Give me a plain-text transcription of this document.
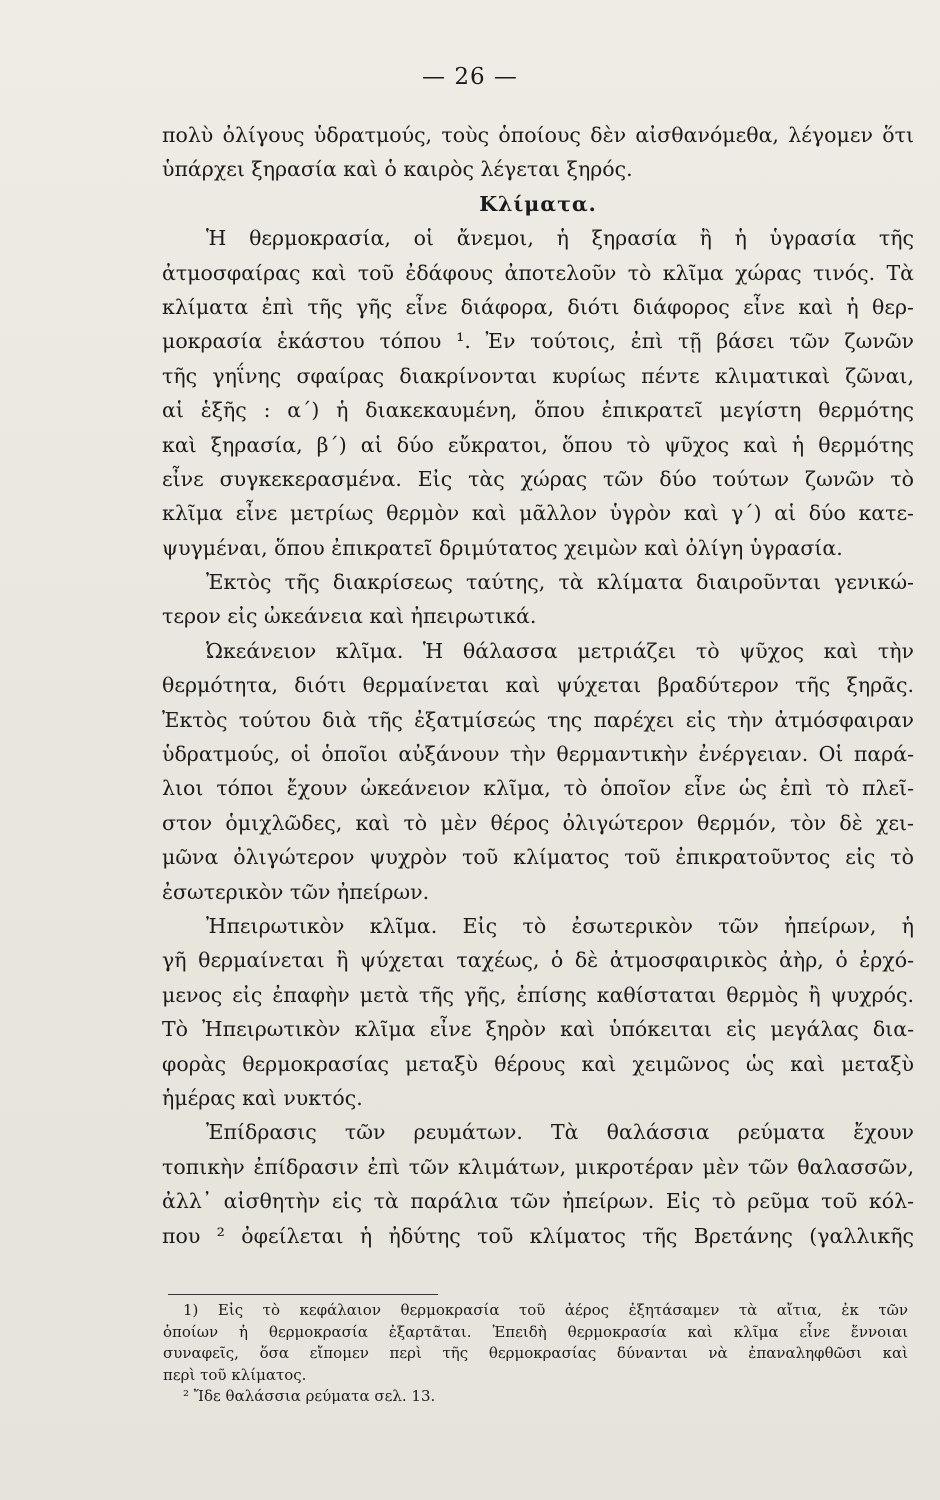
— 26 —
πολὺ ὀλίγους ὑδρατμούς, τοὺς ὁποίους δὲν αἰσθανόμεθα, λέγομεν ὅτι
ὑπάρχει ξηρασία καὶ ὁ καιρὸς λέγεται ξηρός.
Κλίματα.
Ἡ θερμοκρασία, οἱ ἄνεμοι, ἡ ξηρασία ἢ ἡ ὑγρασία τῆς
ἀτμοσφαίρας καὶ τοῦ ἐδάφους ἀποτελοῦν τὸ κλῖμα χώρας τινός. Τὰ
κλίματα ἐπὶ τῆς γῆς εἶνε διάφορα, διότι διάφορος εἶνε καὶ ἡ θερ-
μοκρασία ἑκάστου τόπου ¹. Ἐν τούτοις, ἐπὶ τῇ βάσει τῶν ζωνῶν
τῆς γηΐνης σφαίρας διακρίνονται κυρίως πέντε κλιματικαὶ ζῶναι,
αἱ ἑξῆς : α΄) ἡ διακεκαυμένη, ὅπου ἐπικρατεῖ μεγίστη θερμότης
καὶ ξηρασία, β΄) αἱ δύο εὔκρατοι, ὅπου τὸ ψῦχος καὶ ἡ θερμότης
εἶνε συγκεκερασμένα. Εἰς τὰς χώρας τῶν δύο τούτων ζωνῶν τὸ
κλῖμα εἶνε μετρίως θερμὸν καὶ μᾶλλον ὑγρὸν καὶ γ΄) αἱ δύο κατε-
ψυγμέναι, ὅπου ἐπικρατεῖ δριμύτατος χειμὼν καὶ ὀλίγη ὑγρασία.
Ἐκτὸς τῆς διακρίσεως ταύτης, τὰ κλίματα διαιροῦνται γενικώ-
τερον εἰς ὠκεάνεια καὶ ἠπειρωτικά.
Ὠκεάνειον κλῖμα. Ἡ θάλασσα μετριάζει τὸ ψῦχος καὶ τὴν
θερμότητα, διότι θερμαίνεται καὶ ψύχεται βραδύτερον τῆς ξηρᾶς.
Ἐκτὸς τούτου διὰ τῆς ἐξατμίσεώς της παρέχει εἰς τὴν ἀτμόσφαιραν
ὑδρατμούς, οἱ ὁποῖοι αὐξάνουν τὴν θερμαντικὴν ἐνέργειαν. Οἱ παρά-
λιοι τόποι ἔχουν ὠκεάνειον κλῖμα, τὸ ὁποῖον εἶνε ὡς ἐπὶ τὸ πλεῖ-
στον ὁμιχλῶδες, καὶ τὸ μὲν θέρος ὀλιγώτερον θερμόν, τὸν δὲ χει-
μῶνα ὀλιγώτερον ψυχρὸν τοῦ κλίματος τοῦ ἐπικρατοῦντος εἰς τὸ
ἐσωτερικὸν τῶν ἠπείρων.
Ἠπειρωτικὸν κλῖμα. Εἰς τὸ ἐσωτερικὸν τῶν ἠπείρων, ἡ
γῆ θερμαίνεται ἢ ψύχεται ταχέως, ὁ δὲ ἀτμοσφαιρικὸς ἀὴρ, ὁ ἐρχό-
μενος εἰς ἐπαφὴν μετὰ τῆς γῆς, ἐπίσης καθίσταται θερμὸς ἢ ψυχρός.
Τὸ Ἠπειρωτικὸν κλῖμα εἶνε ξηρὸν καὶ ὑπόκειται εἰς μεγάλας δια-
φορὰς θερμοκρασίας μεταξὺ θέρους καὶ χειμῶνος ὡς καὶ μεταξὺ
ἡμέρας καὶ νυκτός.
Ἐπίδρασις τῶν ρευμάτων. Τὰ θαλάσσια ρεύματα ἔχουν
τοπικὴν ἐπίδρασιν ἐπὶ τῶν κλιμάτων, μικροτέραν μὲν τῶν θαλασσῶν,
ἀλλ᾽ αἰσθητὴν εἰς τὰ παράλια τῶν ἠπείρων. Εἰς τὸ ρεῦμα τοῦ κόλ-
που ² ὀφείλεται ἡ ἠδύτης τοῦ κλίματος τῆς Βρετάνης (γαλλικῆς
1) Εἰς τὸ κεφάλαιον θερμοκρασία τοῦ ἀέρος ἐξητάσαμεν τὰ αἴτια, ἐκ τῶν
ὁποίων ἡ θερμοκρασία ἐξαρτᾶται. Ἐπειδὴ θερμοκρασία καὶ κλῖμα εἶνε ἔννοιαι
συναφεῖς, ὅσα εἴπομεν περὶ τῆς θερμοκρασίας δύνανται νὰ ἐπαναληφθῶσι καὶ
περὶ τοῦ κλίματος.
² Ἴδε θαλάσσια ρεύματα σελ. 13.
